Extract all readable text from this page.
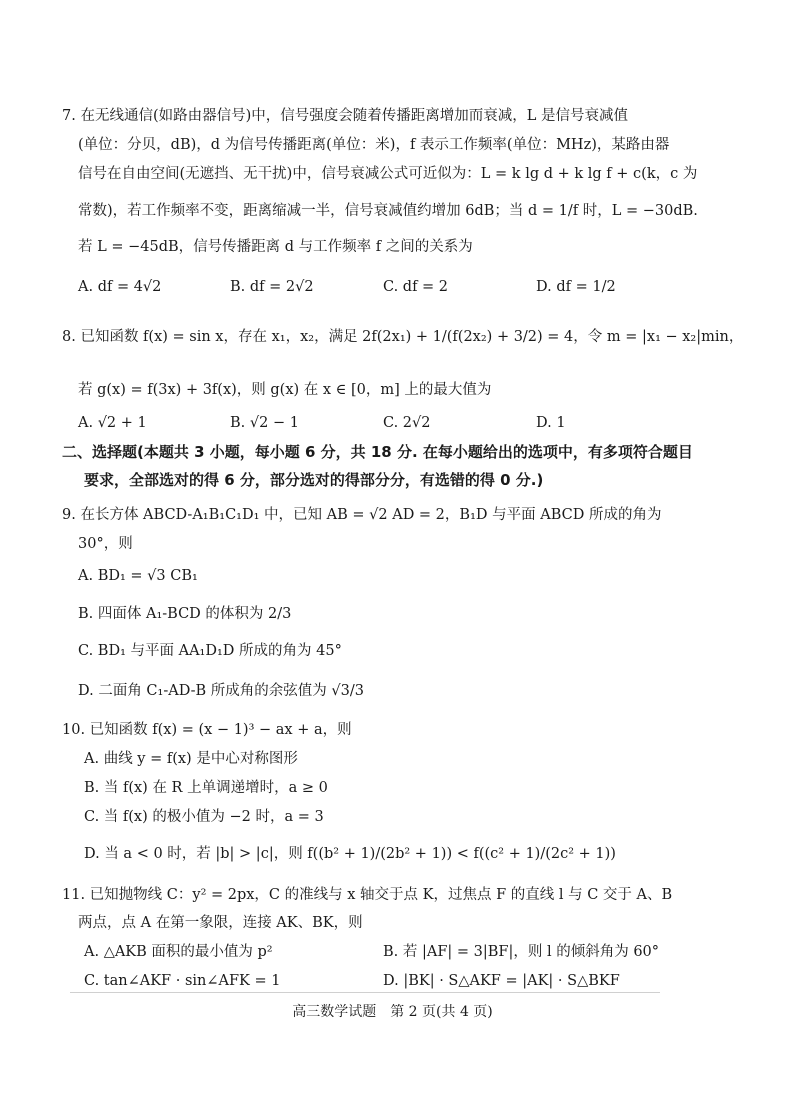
7. 在无线通信(如路由器信号)中，信号强度会随着传播距离增加而衰减，L 是信号衰减值
(单位：分贝，dB)，d 为信号传播距离(单位：米)，f 表示工作频率(单位：MHz)，某路由器
信号在自由空间(无遮挡、无干扰)中，信号衰减公式可近似为：L = k lg d + k lg f + c(k，c 为
常数)，若工作频率不变，距离缩减一半，信号衰减值约增加 6dB；当 d = 1/f 时，L = −30dB.
若 L = −45dB，信号传播距离 d 与工作频率 f 之间的关系为
A. df = 4√2	B. df = 2√2	C. df = 2	D. df = 1/2
8. 已知函数 f(x) = sin x，存在 x₁，x₂，满足 2f(2x₁) + 1/(f(2x₂) + 3/2) = 4，令 m = |x₁ − x₂|min，
若 g(x) = f(3x) + 3f(x)，则 g(x) 在 x ∈ [0，m] 上的最大值为
A. √2 + 1	B. √2 − 1	C. 2√2	D. 1
二、选择题(本题共 3 小题，每小题 6 分，共 18 分. 在每小题给出的选项中，有多项符合题目
要求，全部选对的得 6 分，部分选对的得部分分，有选错的得 0 分.)
9. 在长方体 ABCD-A₁B₁C₁D₁ 中，已知 AB = √2 AD = 2，B₁D 与平面 ABCD 所成的角为
30°，则
A. BD₁ = √3 CB₁
B. 四面体 A₁-BCD 的体积为 2/3
C. BD₁ 与平面 AA₁D₁D 所成的角为 45°
D. 二面角 C₁-AD-B 所成角的余弦值为 √3/3
10. 已知函数 f(x) = (x − 1)³ − ax + a，则
A. 曲线 y = f(x) 是中心对称图形
B. 当 f(x) 在 R 上单调递增时，a ≥ 0
C. 当 f(x) 的极小值为 −2 时，a = 3
D. 当 a < 0 时，若 |b| > |c|，则 f((b² + 1)/(2b² + 1)) < f((c² + 1)/(2c² + 1))
11. 已知抛物线 C：y² = 2px，C 的准线与 x 轴交于点 K，过焦点 F 的直线 l 与 C 交于 A、B
两点，点 A 在第一象限，连接 AK、BK，则
A. △AKB 面积的最小值为 p²	B. 若 |AF| = 3|BF|，则 l 的倾斜角为 60°
C. tan∠AKF · sin∠AFK = 1	D. |BK| · S△AKF = |AK| · S△BKF
高三数学试题　第 2 页(共 4 页)
